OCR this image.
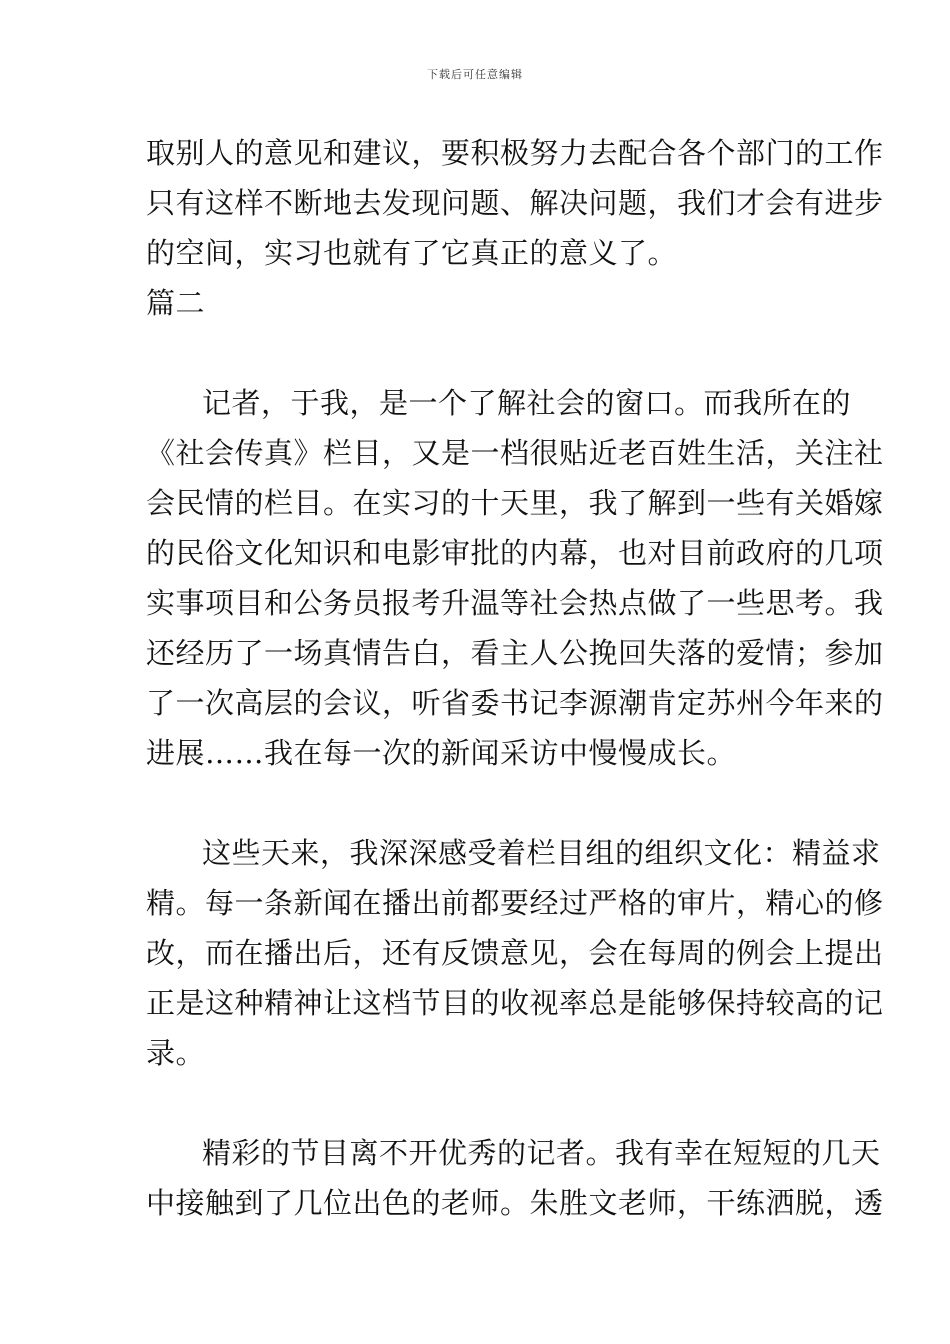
下载后可任意编辑
取别人的意见和建议，要积极努力去配合各个部门的工作
只有这样不断地去发现问题、解决问题，我们才会有进步
的空间，实习也就有了它真正的意义了。
篇二
记者，于我，是一个了解社会的窗口。而我所在的
《社会传真》栏目，又是一档很贴近老百姓生活，关注社
会民情的栏目。在实习的十天里，我了解到一些有关婚嫁
的民俗文化知识和电影审批的内幕，也对目前政府的几项
实事项目和公务员报考升温等社会热点做了一些思考。我
还经历了一场真情告白，看主人公挽回失落的爱情；参加
了一次高层的会议，听省委书记李源潮肯定苏州今年来的
进展……我在每一次的新闻采访中慢慢成长。
这些天来，我深深感受着栏目组的组织文化：精益求
精。每一条新闻在播出前都要经过严格的审片，精心的修
改，而在播出后，还有反馈意见，会在每周的例会上提出
正是这种精神让这档节目的收视率总是能够保持较高的记
录。
精彩的节目离不开优秀的记者。我有幸在短短的几天
中接触到了几位出色的老师。朱胜文老师，干练洒脱，透
